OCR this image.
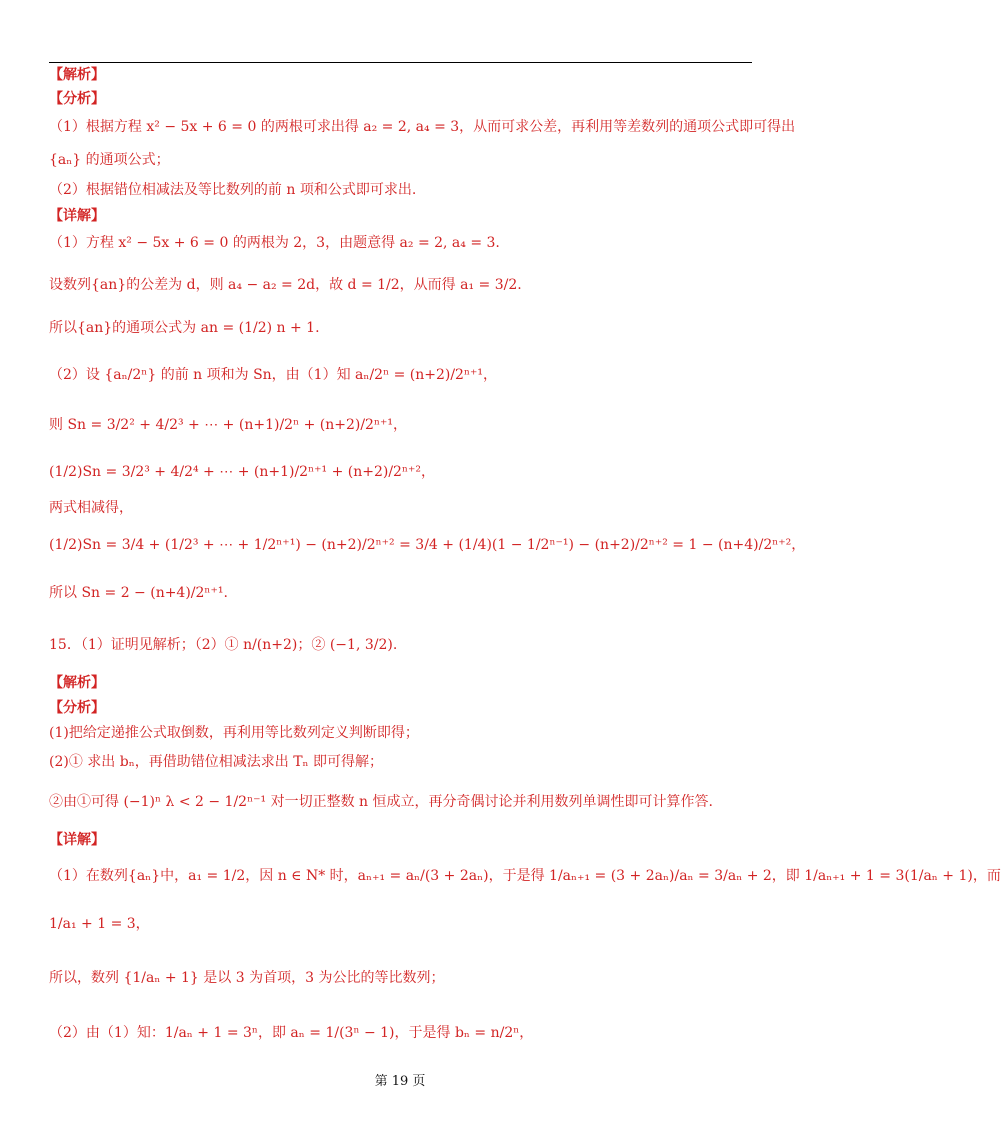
【解析】
【分析】
（1）根据方程 x² − 5x + 6 = 0 的两根可求出得 a₂ = 2, a₄ = 3，从而可求公差，再利用等差数列的通项公式即可得出
{aₙ} 的通项公式；
（2）根据错位相减法及等比数列的前 n 项和公式即可求出.
【详解】
（1）方程 x² − 5x + 6 = 0 的两根为 2，3，由题意得 a₂ = 2, a₄ = 3.
设数列{an}的公差为 d，则 a₄ − a₂ = 2d，故 d = 1/2，从而得 a₁ = 3/2.
所以{an}的通项公式为 an = (1/2) n + 1.
（2）设 {aₙ/2ⁿ} 的前 n 项和为 Sn，由（1）知 aₙ/2ⁿ = (n+2)/2ⁿ⁺¹，
则 Sn = 3/2² + 4/2³ + ⋯ + (n+1)/2ⁿ + (n+2)/2ⁿ⁺¹，
(1/2)Sn = 3/2³ + 4/2⁴ + ⋯ + (n+1)/2ⁿ⁺¹ + (n+2)/2ⁿ⁺²，
两式相减得，
(1/2)Sn = 3/4 + (1/2³ + ⋯ + 1/2ⁿ⁺¹) − (n+2)/2ⁿ⁺² = 3/4 + (1/4)(1 − 1/2ⁿ⁻¹) − (n+2)/2ⁿ⁺² = 1 − (n+4)/2ⁿ⁺²，
所以 Sn = 2 − (n+4)/2ⁿ⁺¹.
15．（1）证明见解析；（2）① n/(n+2)；② (−1, 3/2).
【解析】
【分析】
(1)把给定递推公式取倒数，再利用等比数列定义判断即得；
(2)① 求出 bₙ，再借助错位相减法求出 Tₙ 即可得解；
②由①可得 (−1)ⁿ λ < 2 − 1/2ⁿ⁻¹ 对一切正整数 n 恒成立，再分奇偶讨论并利用数列单调性即可计算作答.
【详解】
（1）在数列{aₙ}中，a₁ = 1/2，因 n ∈ N* 时，aₙ₊₁ = aₙ/(3 + 2aₙ)，于是得 1/aₙ₊₁ = (3 + 2aₙ)/aₙ = 3/aₙ + 2，即 1/aₙ₊₁ + 1 = 3(1/aₙ + 1)，而
1/a₁ + 1 = 3，
所以，数列 {1/aₙ + 1} 是以 3 为首项，3 为公比的等比数列；
（2）由（1）知：1/aₙ + 1 = 3ⁿ，即 aₙ = 1/(3ⁿ − 1)，于是得 bₙ = n/2ⁿ，
第 19 页
